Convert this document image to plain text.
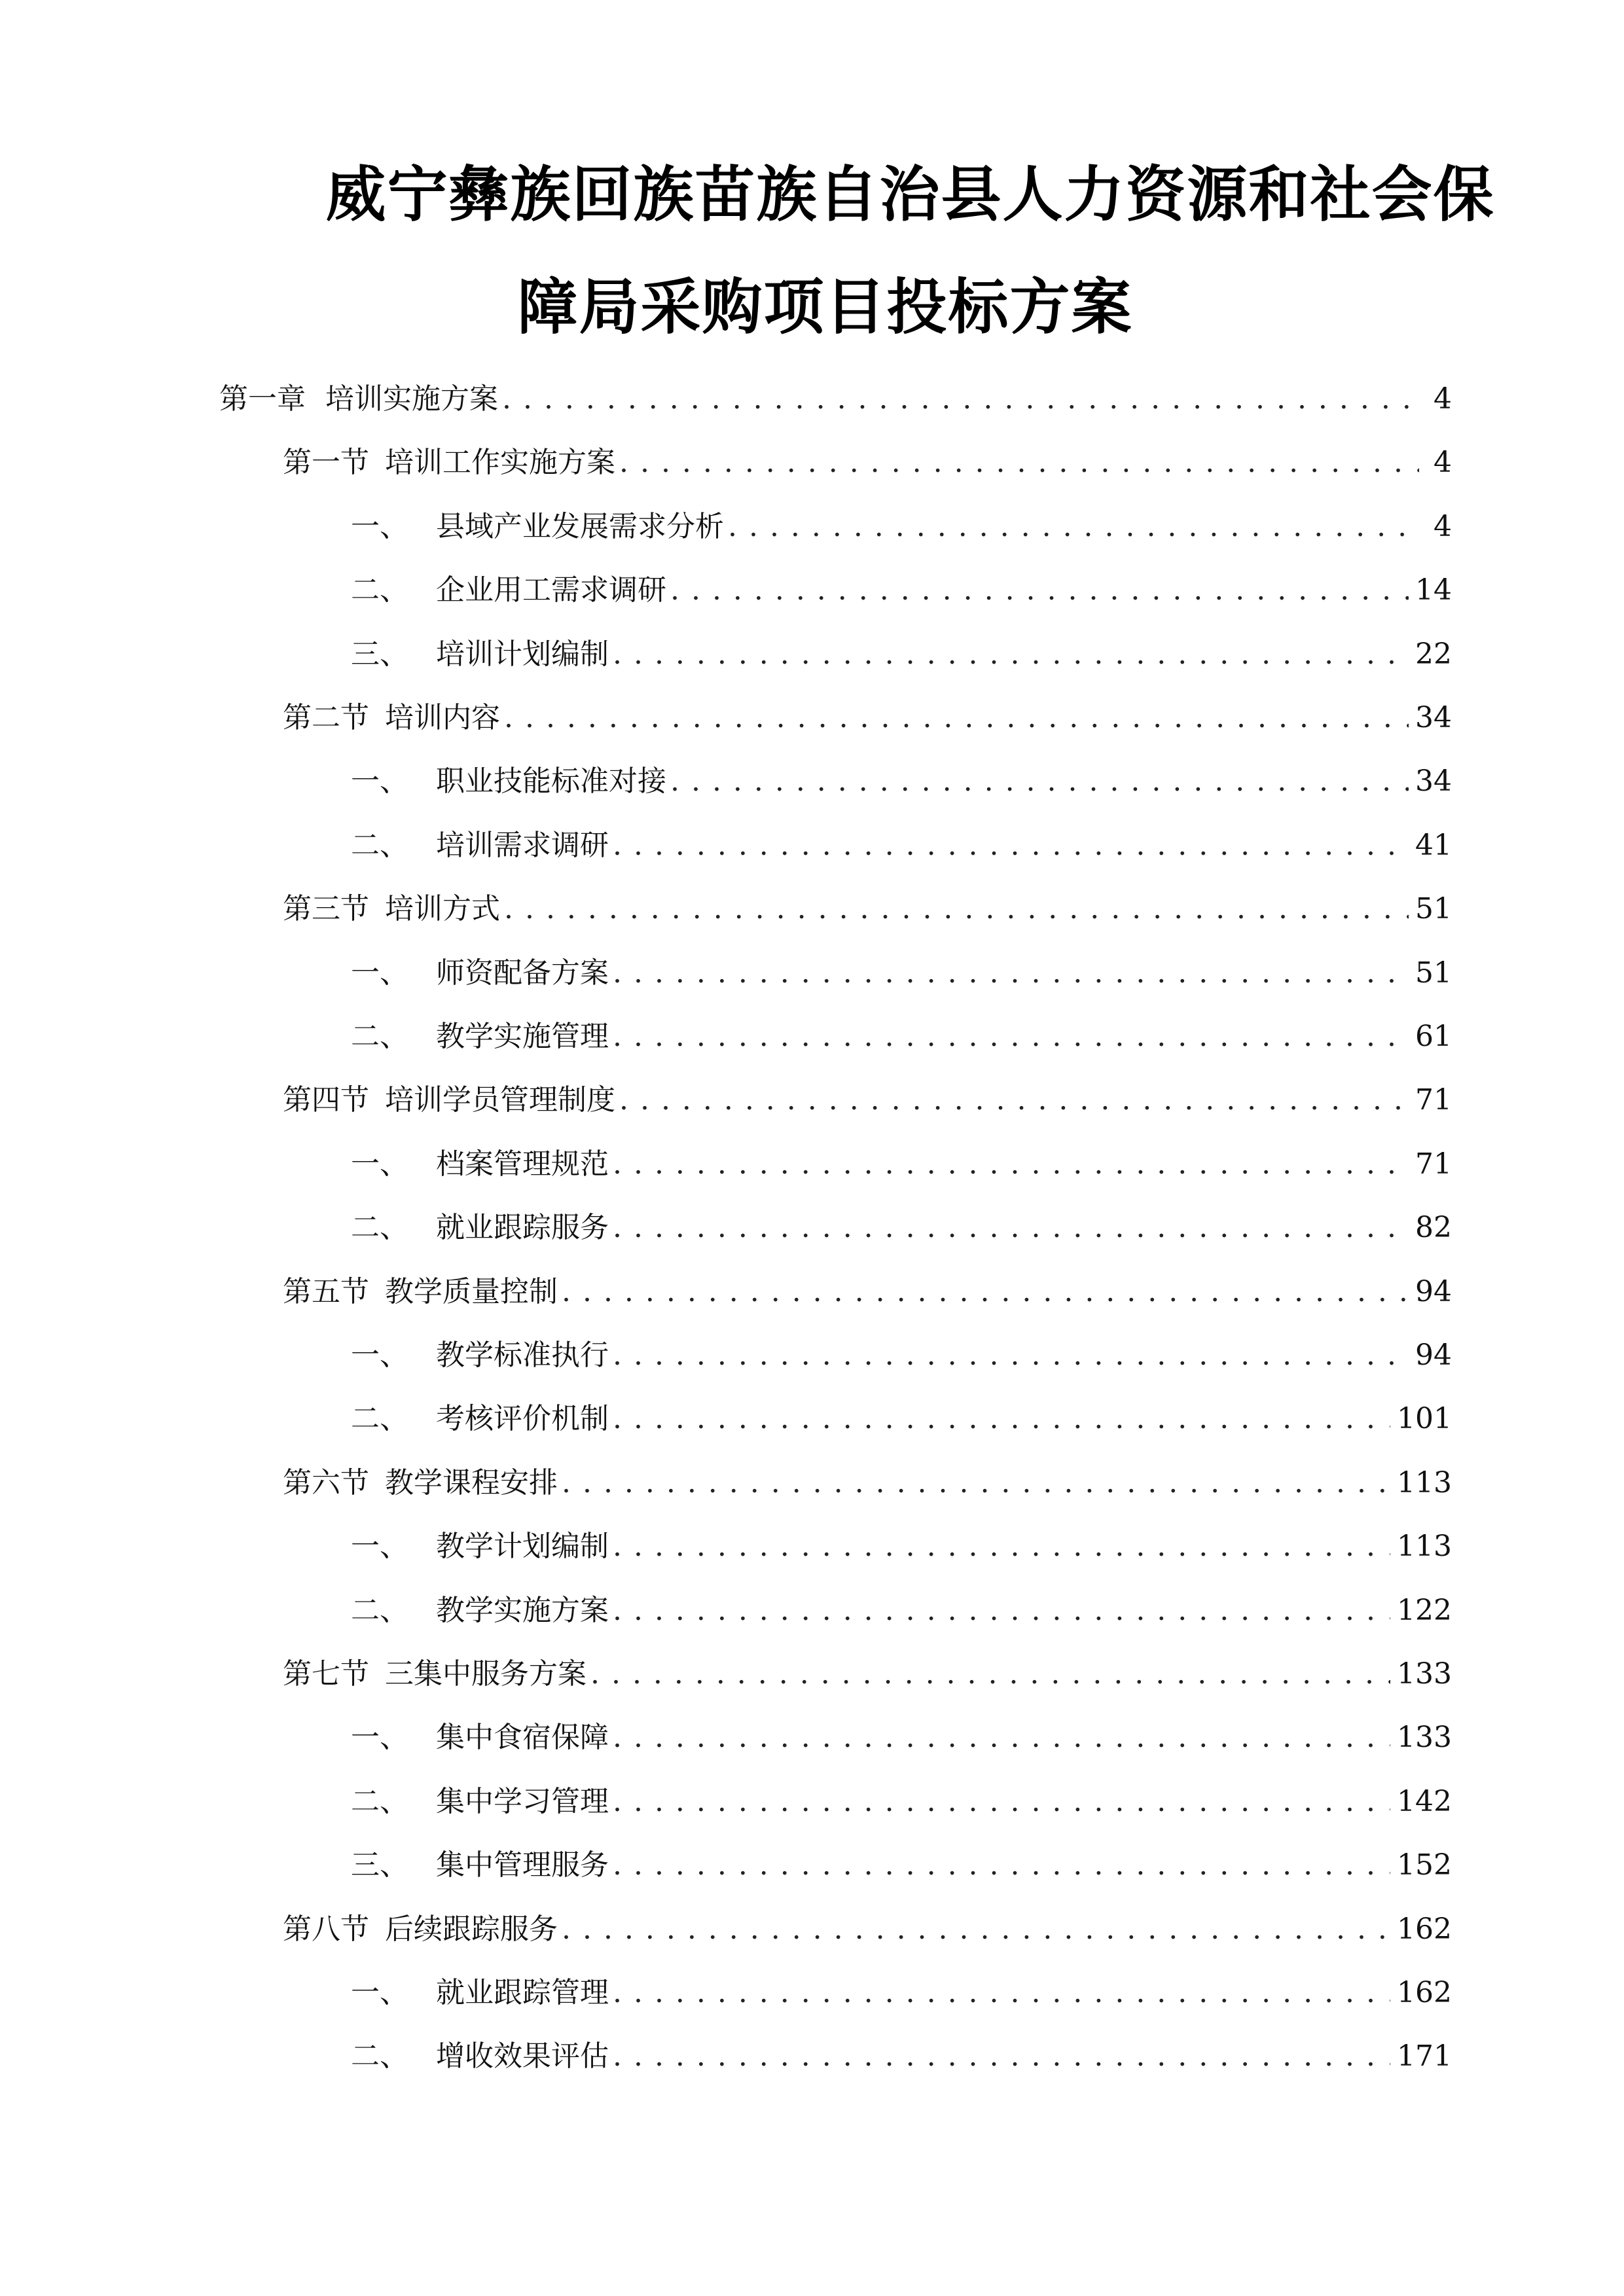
威宁彝族回族苗族自治县人力资源和社会保
障局采购项目投标方案
第一章 培训实施方案 . . .	4
第一节 培训工作实施方案 . . .	4
一、 县域产业发展需求分析 . . .	4
二、 企业用工需求调研 . . .	14
三、 培训计划编制 . . .	22
第二节 培训内容 . . .	34
一、 职业技能标准对接 . . .	34
二、 培训需求调研 . . .	41
第三节 培训方式 . . .	51
一、 师资配备方案 . . .	51
二、 教学实施管理 . . .	61
第四节 培训学员管理制度 . . .	71
一、 档案管理规范 . . .	71
二、 就业跟踪服务 . . .	82
第五节 教学质量控制 . . .	94
一、 教学标准执行 . . .	94
二、 考核评价机制 . . .	101
第六节 教学课程安排 . . .	113
一、 教学计划编制 . . .	113
二、 教学实施方案 . . .	122
第七节 三集中服务方案 . . .	133
一、 集中食宿保障 . . .	133
二、 集中学习管理 . . .	142
三、 集中管理服务 . . .	152
第八节 后续跟踪服务 . . .	162
一、 就业跟踪管理 . . .	162
二、 增收效果评估 . . .	171
